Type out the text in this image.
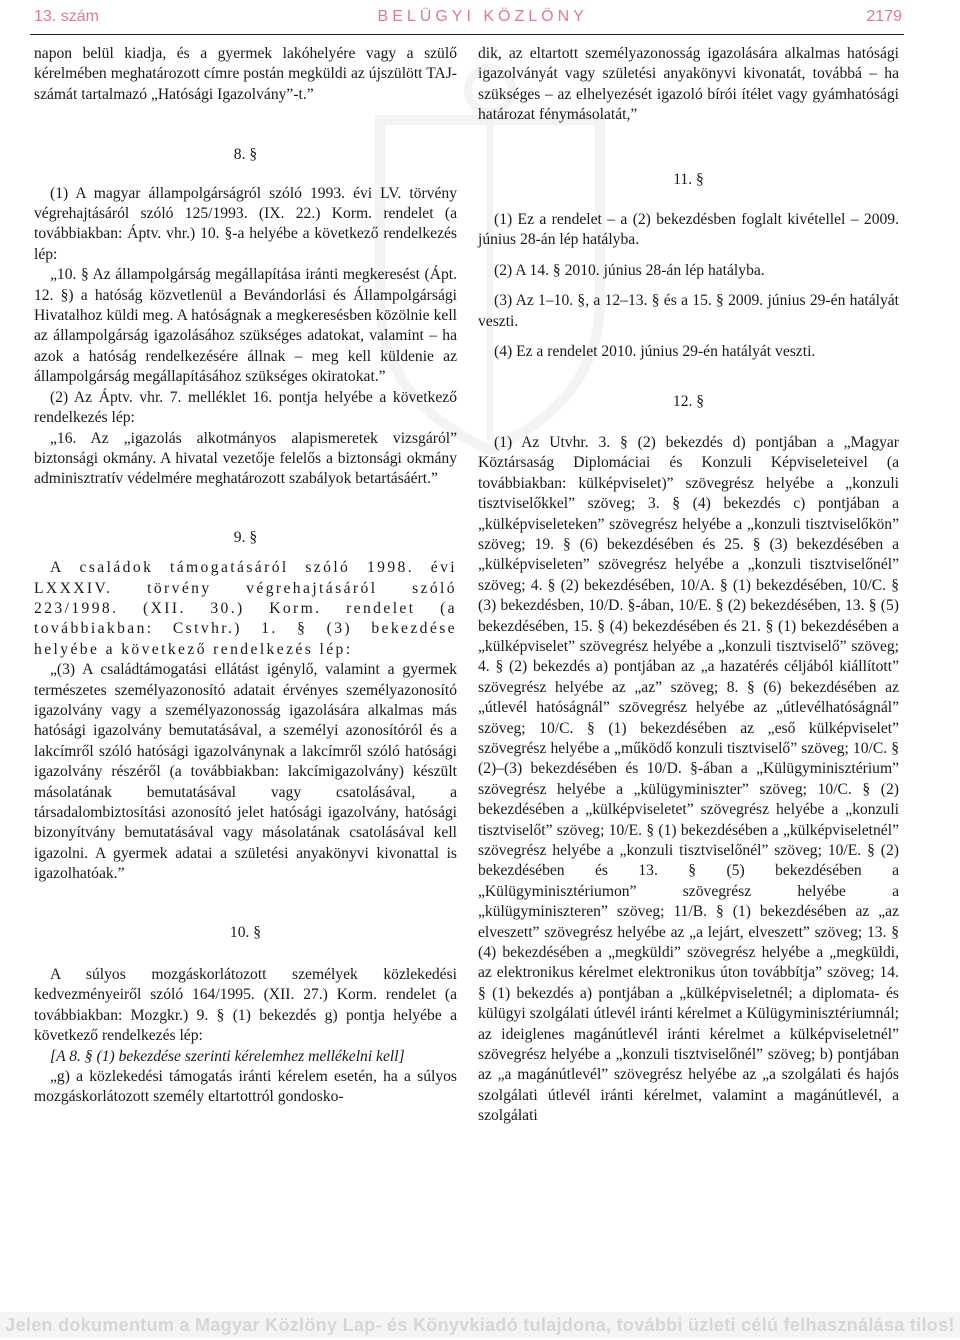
13. szám	BELÜGYI KÖZLÖNY	2179

napon belül kiadja, és a gyermek lakóhelyére vagy a szülő kérelmében meghatározott címre postán megküldi az újszülött TAJ-számát tartalmazó „Hatósági Igazolvány”-t.”

8. §

(1) A magyar állampolgárságról szóló 1993. évi LV. törvény végrehajtásáról szóló 125/1993. (IX. 22.) Korm. rendelet (a továbbiakban: Áptv. vhr.) 10. §-a helyébe a következő rendelkezés lép:

„10. § Az állampolgárság megállapítása iránti megkeresést (Ápt. 12. §) a hatóság közvetlenül a Bevándorlási és Állampolgársági Hivatalhoz küldi meg. A hatóságnak a megkeresésben közölnie kell az állampolgárság igazolásához szükséges adatokat, valamint – ha azok a hatóság rendelkezésére állnak – meg kell küldenie az állampolgárság megállapításához szükséges okiratokat.”

(2) Az Áptv. vhr. 7. melléklet 16. pontja helyébe a következő rendelkezés lép:

„16. Az „igazolás alkotmányos alapismeretek vizsgáról” biztonsági okmány. A hivatal vezetője felelős a biztonsági okmány adminisztratív védelmére meghatározott szabályok betartásáért.”

9. §

A családok támogatásáról szóló 1998. évi LXXXIV. törvény végrehajtásáról szóló 223/1998. (XII. 30.) Korm. rendelet (a továbbiakban: Cstvhr.) 1. § (3) bekezdése helyébe a következő rendelkezés lép:

„(3) A családtámogatási ellátást igénylő, valamint a gyermek természetes személyazonosító adatait érvényes személyazonosító igazolvány vagy a személyazonosság igazolására alkalmas más hatósági igazolvány bemutatásával, a személyi azonosítóról és a lakcímről szóló hatósági igazolványnak a lakcímről szóló hatósági igazolvány részéről (a továbbiakban: lakcímigazolvány) készült másolatának bemutatásával vagy csatolásával, a társadalombiztosítási azonosító jelet hatósági igazolvány, hatósági bizonyítvány bemutatásával vagy másolatának csatolásával kell igazolni. A gyermek adatai a születési anyakönyvi kivonattal is igazolhatóak.”

10. §

A súlyos mozgáskorlátozott személyek közlekedési kedvezményeiről szóló 164/1995. (XII. 27.) Korm. rendelet (a továbbiakban: Mozgkr.) 9. § (1) bekezdés g) pontja helyébe a következő rendelkezés lép:

[A 8. § (1) bekezdése szerinti kérelemhez mellékelni kell]

„g) a közlekedési támogatás iránti kérelem esetén, ha a súlyos mozgáskorlátozott személy eltartottról gondosko-

dik, az eltartott személyazonosság igazolására alkalmas hatósági igazolványát vagy születési anyakönyvi kivonatát, továbbá – ha szükséges – az elhelyezését igazoló bírói ítélet vagy gyámhatósági határozat fénymásolatát,”

11. §

(1) Ez a rendelet – a (2) bekezdésben foglalt kivétellel – 2009. június 28-án lép hatályba.

(2) A 14. § 2010. június 28-án lép hatályba.

(3) Az 1–10. §, a 12–13. § és a 15. § 2009. június 29-én hatályát veszti.

(4) Ez a rendelet 2010. június 29-én hatályát veszti.

12. §

(1) Az Utvhr. 3. § (2) bekezdés d) pontjában a „Magyar Köztársaság Diplomáciai és Konzuli Képviseleteivel (a továbbiakban: külképviselet)” szövegrész helyébe a „konzuli tisztviselőkkel” szöveg; 3. § (4) bekezdés c) pontjában a „külképviseleteken” szövegrész helyébe a „konzuli tisztviselőkön” szöveg; 19. § (6) bekezdésében és 25. § (3) bekezdésében a „külképviseleten” szövegrész helyébe a „konzuli tisztviselőnél” szöveg; 4. § (2) bekezdésében, 10/A. § (1) bekezdésében, 10/C. § (3) bekezdésben, 10/D. §-ában, 10/E. § (2) bekezdésében, 13. § (5) bekezdésében, 15. § (4) bekezdésében és 21. § (1) bekezdésében a „külképviselet” szövegrész helyébe a „konzuli tisztviselő” szöveg; 4. § (2) bekezdés a) pontjában az „a hazatérés céljából kiállított” szövegrész helyébe az „az” szöveg; 8. § (6) bekezdésében az „útlevél hatóságnál” szövegrész helyébe az „útlevélhatóságnál” szöveg; 10/C. § (1) bekezdésében az „eső külképviselet” szövegrész helyébe a „működő konzuli tisztviselő” szöveg; 10/C. § (2)–(3) bekezdésében és 10/D. §-ában a „Külügyminisztérium” szövegrész helyébe a „külügyminiszter” szöveg; 10/C. § (2) bekezdésében a „külképviseletet” szövegrész helyébe a „konzuli tisztviselőt” szöveg; 10/E. § (1) bekezdésében a „külképviseletnél” szövegrész helyébe a „konzuli tisztviselőnél” szöveg; 10/E. § (2) bekezdésében és 13. § (5) bekezdésében a „Külügyminisztériumon” szövegrész helyébe a „külügyminiszteren” szöveg; 11/B. § (1) bekezdésében az „az elveszett” szövegrész helyébe az „a lejárt, elveszett” szöveg; 13. § (4) bekezdésében a „megküldi” szövegrész helyébe a „megküldi, az elektronikus kérelmet elektronikus úton továbbítja” szöveg; 14. § (1) bekezdés a) pontjában a „külképviseletnél; a diplomata- és külügyi szolgálati útlevél iránti kérelmet a Külügyminisztériumnál; az ideiglenes magánútlevél iránti kérelmet a külképviseletnél” szövegrész helyébe a „konzuli tisztviselőnél” szöveg; b) pontjában az „a magánútlevél” szövegrész helyébe az „a szolgálati és hajós szolgálati útlevél iránti kérelmet, valamint a magánútlevél, a szolgálati

Jelen dokumentum a Magyar Közlöny Lap- és Könyvkiadó tulajdona, további üzleti célú felhasználása tilos!
